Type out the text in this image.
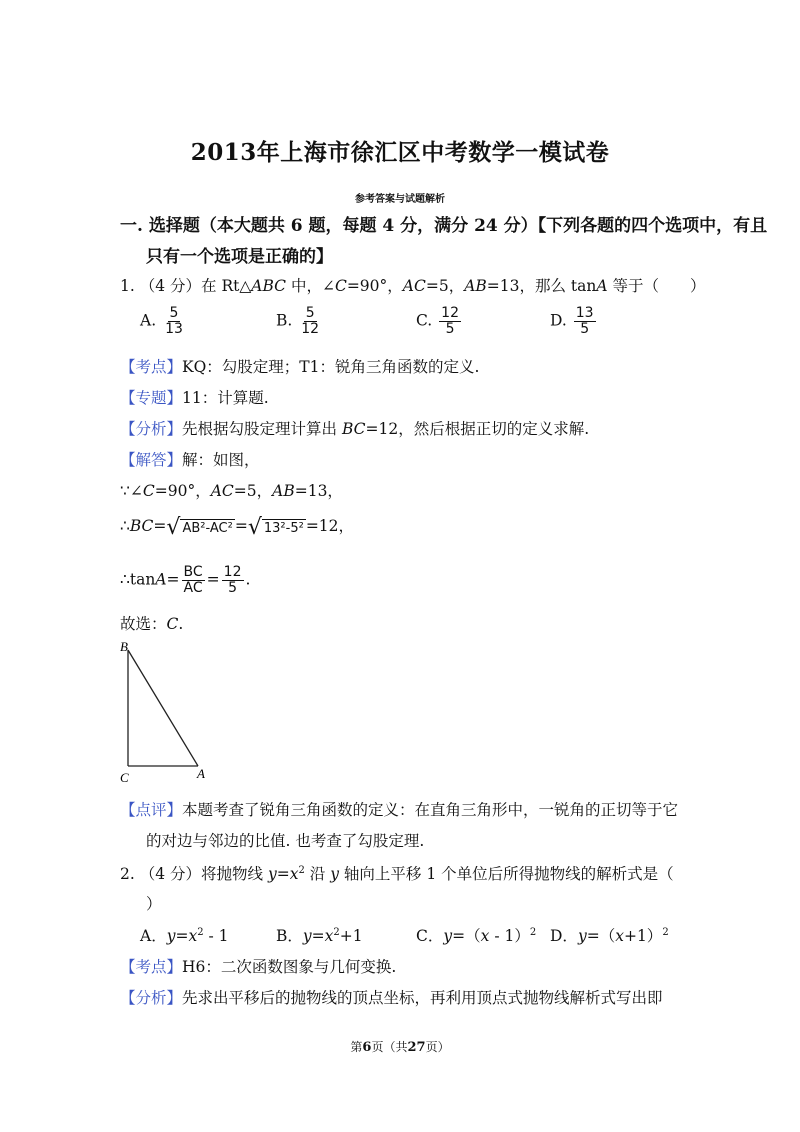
2013年上海市徐汇区中考数学一模试卷
参考答案与试题解析
一. 选择题（本大题共 6 题，每题 4 分，满分 24 分）【下列各题的四个选项中，有且
只有一个选项是正确的】
1. （4 分）在 Rt△ABC 中，∠C=90°，AC=5，AB=13，那么 tanA 等于（　　）
A. $\frac{5}{13}$	B. $\frac{5}{12}$	C. $\frac{12}{5}$	D. $\frac{13}{5}$
【考点】KQ：勾股定理；T1：锐角三角函数的定义.
【专题】11：计算题.
【分析】先根据勾股定理计算出 BC=12，然后根据正切的定义求解.
【解答】解：如图，
∵∠C=90°，AC=5，AB=13，
∴BC=√ AB²-AC² =√ 13²-5² =12，
∴tanA= $\frac{BC}{AC} = \frac{12}{5}$ .
故选：C.
B
C	A
【点评】本题考查了锐角三角函数的定义：在直角三角形中，一锐角的正切等于它
的对边与邻边的比值. 也考查了勾股定理.
2. （4 分）将抛物线 $y=x^2$ 沿 y 轴向上平移 1 个单位后所得抛物线的解析式是（
）
A．$y=x^2 - 1$	B．$y=x^2+1$	C．y=（x - 1）$^2$ D．$y=(x+1)^2$
【考点】H6：二次函数图象与几何变换.
【分析】先求出平移后的抛物线的顶点坐标，再利用顶点式抛物线解析式写出即
第6页（共27页）
